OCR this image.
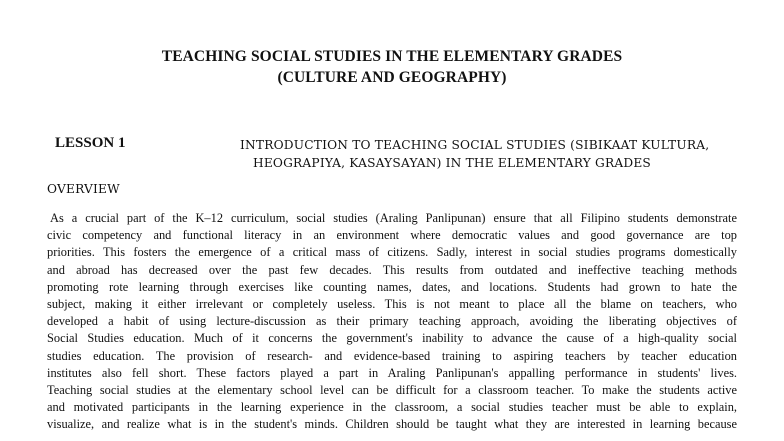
TEACHING SOCIAL STUDIES IN THE ELEMENTARY GRADES
(CULTURE AND GEOGRAPHY)
LESSON 1	INTRODUCTION TO TEACHING SOCIAL STUDIES (SIBIKAAT KULTURA,
HEOGRAPIYA, KASAYSAYAN) IN THE ELEMENTARY GRADES
OVERVIEW
As a crucial part of the K–12 curriculum, social studies (Araling Panlipunan) ensure that all Filipino students demonstrate
civic competency and functional literacy in an environment where democratic values and good governance are top
priorities. This fosters the emergence of a critical mass of citizens. Sadly, interest in social studies programs domestically
and abroad has decreased over the past few decades. This results from outdated and ineffective teaching methods
promoting rote learning through exercises like counting names, dates, and locations. Students had grown to hate the
subject, making it either irrelevant or completely useless. This is not meant to place all the blame on teachers, who
developed a habit of using lecture-discussion as their primary teaching approach, avoiding the liberating objectives of
Social Studies education. Much of it concerns the government's inability to advance the cause of a high-quality social
studies education. The provision of research- and evidence-based training to aspiring teachers by teacher education
institutes also fell short. These factors played a part in Araling Panlipunan's appalling performance in students' lives.
Teaching social studies at the elementary school level can be difficult for a classroom teacher. To make the students active
and motivated participants in the learning experience in the classroom, a social studies teacher must be able to explain,
visualize, and realize what is in the student's minds. Children should be taught what they are interested in learning because
